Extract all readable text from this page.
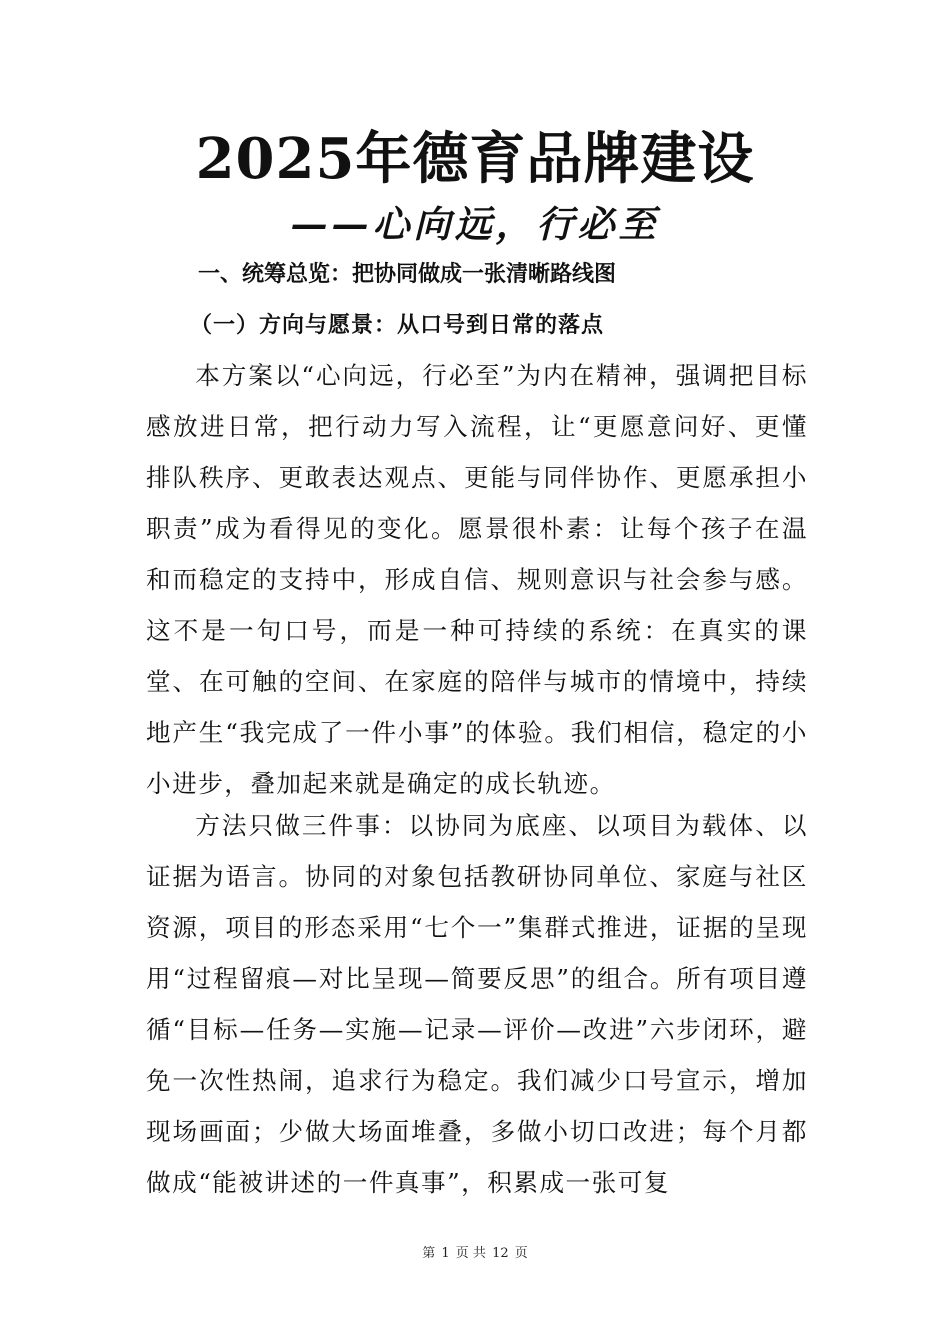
2025年德育品牌建设
——心向远，行必至
一、统筹总览：把协同做成一张清晰路线图
（一）方向与愿景：从口号到日常的落点

本方案以“心向远，行必至”为内在精神，强调把目标感放进日常，把行动力写入流程，让“更愿意问好、更懂排队秩序、更敢表达观点、更能与同伴协作、更愿承担小职责”成为看得见的变化。愿景很朴素：让每个孩子在温和而稳定的支持中，形成自信、规则意识与社会参与感。这不是一句口号，而是一种可持续的系统：在真实的课堂、在可触的空间、在家庭的陪伴与城市的情境中，持续地产生“我完成了一件小事”的体验。我们相信，稳定的小小进步，叠加起来就是确定的成长轨迹。

方法只做三件事：以协同为底座、以项目为载体、以证据为语言。协同的对象包括教研协同单位、家庭与社区资源，项目的形态采用“七个一”集群式推进，证据的呈现用“过程留痕—对比呈现—简要反思”的组合。所有项目遵循“目标—任务—实施—记录—评价—改进”六步闭环，避免一次性热闹，追求行为稳定。我们减少口号宣示，增加现场画面；少做大场面堆叠，多做小切口改进；每个月都做成“能被讲述的一件真事”，积累成一张可复

第 1 页 共 12 页
